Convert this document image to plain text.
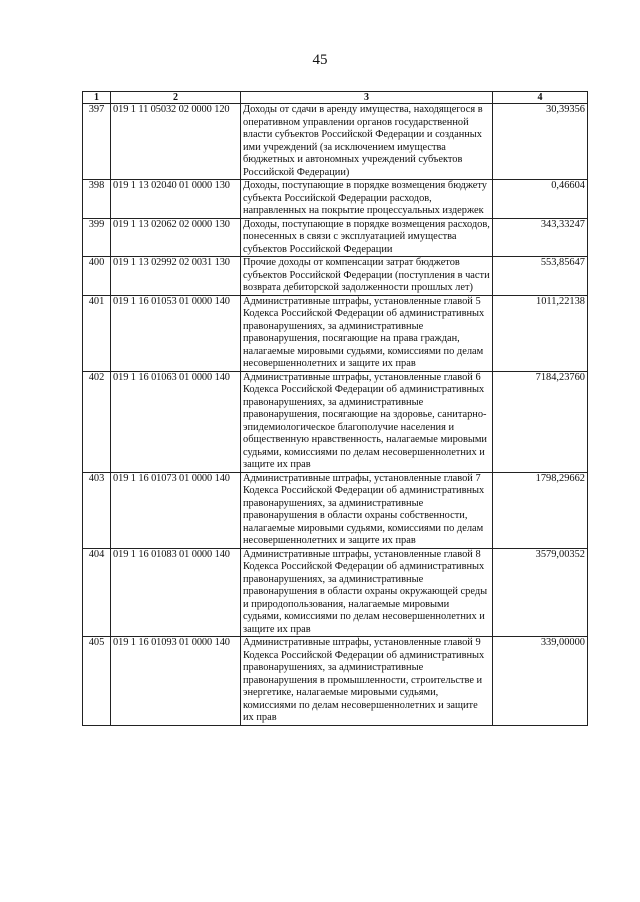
45
1	2	3	4
397	019 1 11 05032 02 0000 120	Доходы от сдачи в аренду имущества, находящегося в оперативном управлении органов государственной власти субъектов Российской Федерации и созданных ими учреждений (за исключением имущества бюджетных и автономных учреждений субъектов Российской Федерации)	30,39356
398	019 1 13 02040 01 0000 130	Доходы, поступающие в порядке возмещения бюджету субъекта Российской Федерации расходов, направленных на покрытие процессуальных издержек	0,46604
399	019 1 13 02062 02 0000 130	Доходы, поступающие в порядке возмещения расходов, понесенных в связи с эксплуатацией имущества субъектов Российской Федерации	343,33247
400	019 1 13 02992 02 0031 130	Прочие доходы от компенсации затрат бюджетов субъектов Российской Федерации (поступления в части возврата дебиторской задолженности прошлых лет)	553,85647
401	019 1 16 01053 01 0000 140	Административные штрафы, установленные главой 5 Кодекса Российской Федерации об административных правонарушениях, за административные правонарушения, посягающие на права граждан, налагаемые мировыми судьями, комиссиями по делам несовершеннолетних и защите их прав	1011,22138
402	019 1 16 01063 01 0000 140	Административные штрафы, установленные главой 6 Кодекса Российской Федерации об административных правонарушениях, за административные правонарушения, посягающие на здоровье, санитарно-эпидемиологическое благополучие населения и общественную нравственность, налагаемые мировыми судьями, комиссиями по делам несовершеннолетних и защите их прав	7184,23760
403	019 1 16 01073 01 0000 140	Административные штрафы, установленные главой 7 Кодекса Российской Федерации об административных правонарушениях, за административные правонарушения в области охраны собственности, налагаемые мировыми судьями, комиссиями по делам несовершеннолетних и защите их прав	1798,29662
404	019 1 16 01083 01 0000 140	Административные штрафы, установленные главой 8 Кодекса Российской Федерации об административных правонарушениях, за административные правонарушения в области охраны окружающей среды и природопользования, налагаемые мировыми судьями, комиссиями по делам несовершеннолетних и защите их прав	3579,00352
405	019 1 16 01093 01 0000 140	Административные штрафы, установленные главой 9 Кодекса Российской Федерации об административных правонарушениях, за административные правонарушения в промышленности, строительстве и энергетике, налагаемые мировыми судьями, комиссиями по делам несовершеннолетних и защите их прав	339,00000
